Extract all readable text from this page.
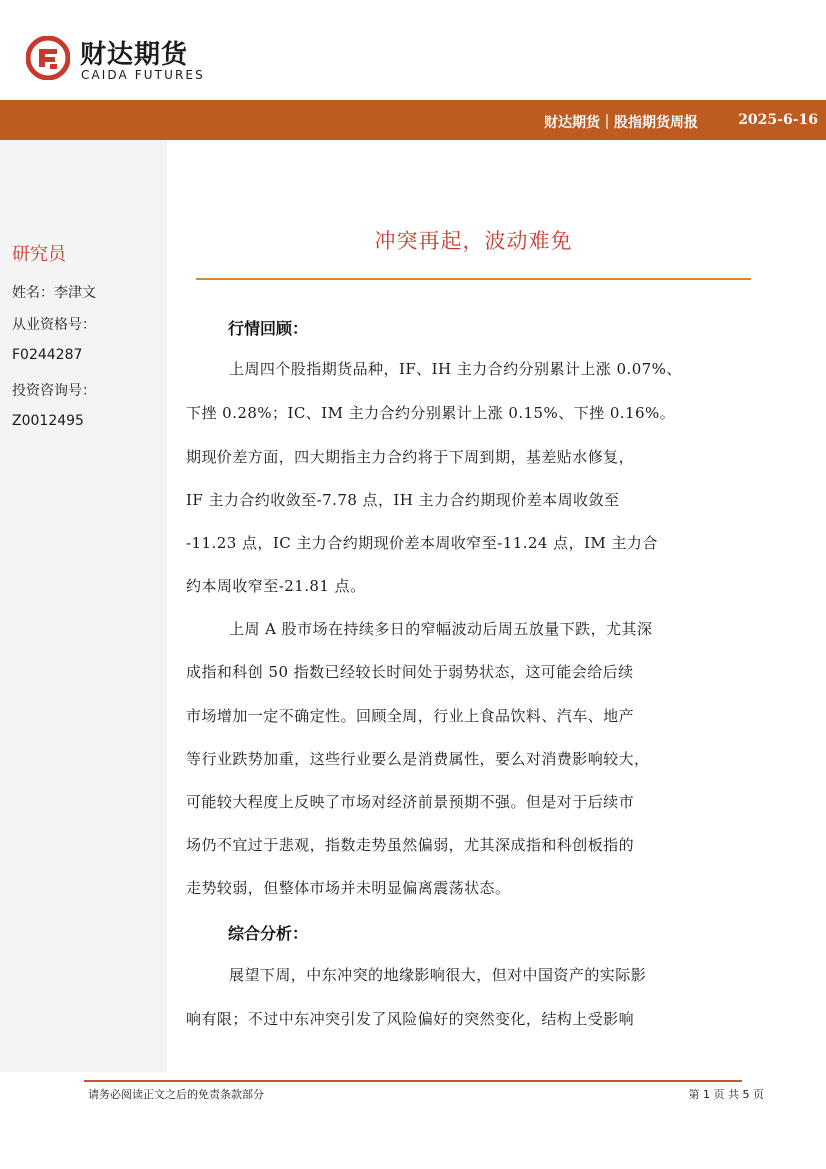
财达期货
CAIDA FUTURES
财达期货｜股指期货周报	2025-6-16
研究员
姓名：李津文
从业资格号：
F0244287
投资咨询号：
Z0012495
冲突再起，波动难免
行情回顾：
上周四个股指期货品种，IF、IH 主力合约分别累计上涨 0.07%、
下挫 0.28%；IC、IM 主力合约分别累计上涨 0.15%、下挫 0.16%。
期现价差方面，四大期指主力合约将于下周到期，基差贴水修复，
IF 主力合约收敛至-7.78 点，IH 主力合约期现价差本周收敛至
-11.23 点，IC 主力合约期现价差本周收窄至-11.24 点，IM 主力合
约本周收窄至-21.81 点。
上周 A 股市场在持续多日的窄幅波动后周五放量下跌，尤其深
成指和科创 50 指数已经较长时间处于弱势状态，这可能会给后续
市场增加一定不确定性。回顾全周，行业上食品饮料、汽车、地产
等行业跌势加重，这些行业要么是消费属性，要么对消费影响较大，
可能较大程度上反映了市场对经济前景预期不强。但是对于后续市
场仍不宜过于悲观，指数走势虽然偏弱，尤其深成指和科创板指的
走势较弱，但整体市场并未明显偏离震荡状态。
综合分析：
展望下周，中东冲突的地缘影响很大，但对中国资产的实际影
响有限；不过中东冲突引发了风险偏好的突然变化，结构上受影响
请务必阅读正文之后的免责条款部分	第 1 页 共 5 页
